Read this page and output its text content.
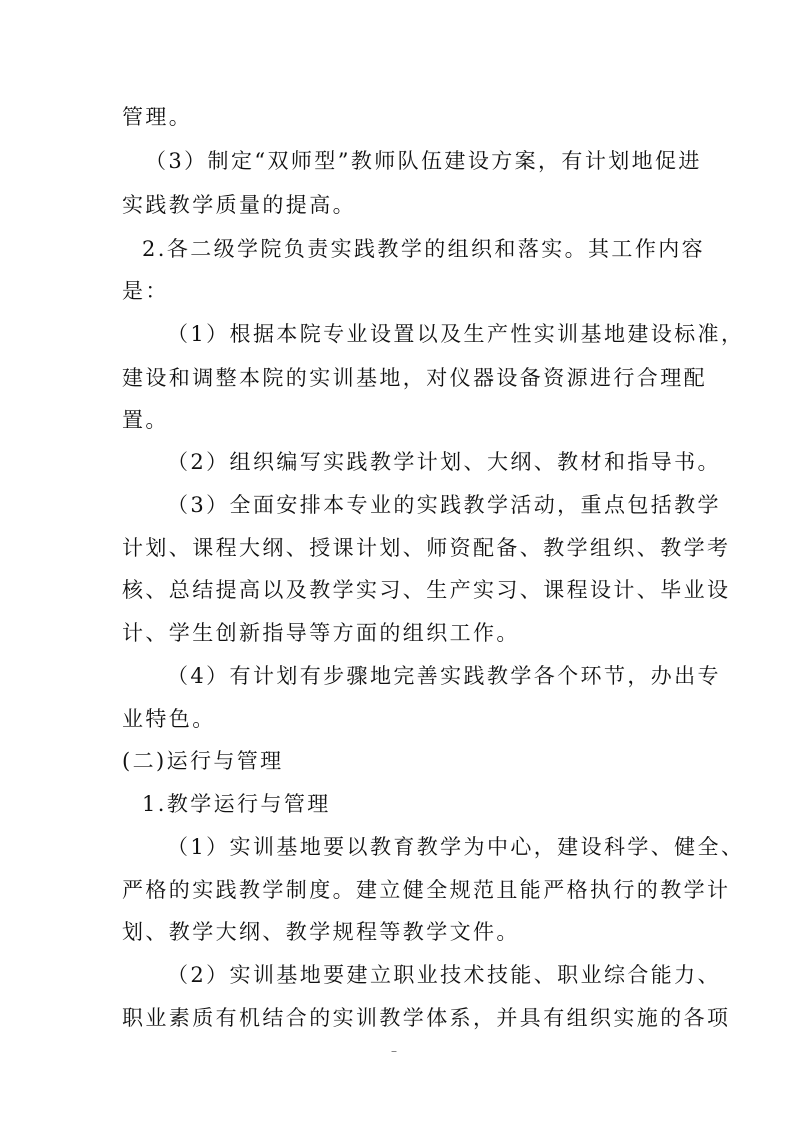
管理。
（3）制定“双师型”教师队伍建设方案，有计划地促进
实践教学质量的提高。
2.各二级学院负责实践教学的组织和落实。其工作内容
是：
（1）根据本院专业设置以及生产性实训基地建设标准，
建设和调整本院的实训基地，对仪器设备资源进行合理配
置。
（2）组织编写实践教学计划、大纲、教材和指导书。
（3）全面安排本专业的实践教学活动，重点包括教学
计划、课程大纲、授课计划、师资配备、教学组织、教学考
核、总结提高以及教学实习、生产实习、课程设计、毕业设
计、学生创新指导等方面的组织工作。
（4）有计划有步骤地完善实践教学各个环节，办出专
业特色。
(二)运行与管理
1.教学运行与管理
（1）实训基地要以教育教学为中心，建设科学、健全、
严格的实践教学制度。建立健全规范且能严格执行的教学计
划、教学大纲、教学规程等教学文件。
（2）实训基地要建立职业技术技能、职业综合能力、
职业素质有机结合的实训教学体系，并具有组织实施的各项
–
